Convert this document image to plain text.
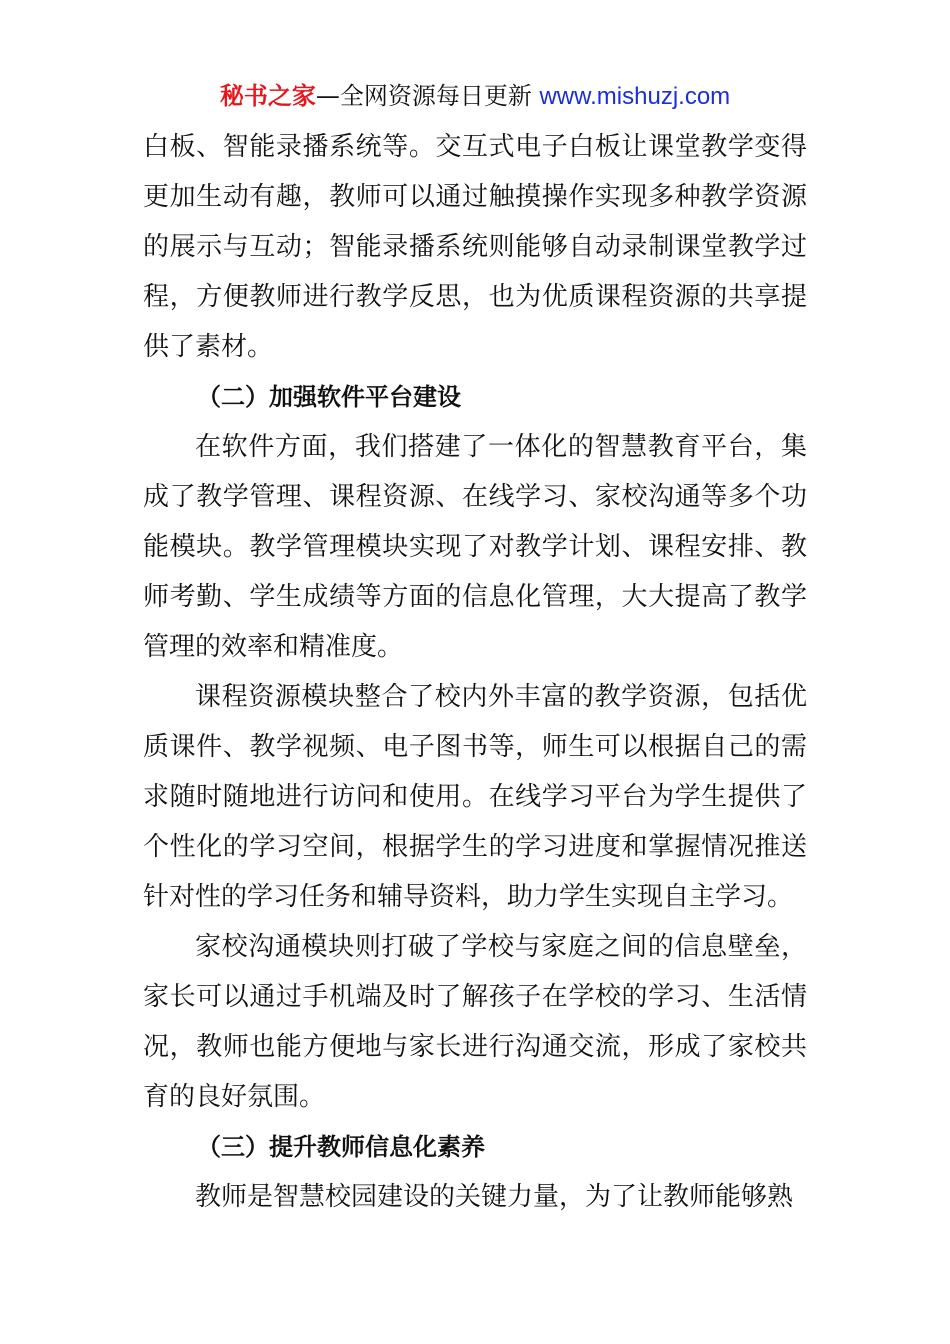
秘书之家—全网资源每日更新 www.mishuzj.com

白板、智能录播系统等。交互式电子白板让课堂教学变得更加生动有趣，教师可以通过触摸操作实现多种教学资源的展示与互动；智能录播系统则能够自动录制课堂教学过程，方便教师进行教学反思，也为优质课程资源的共享提供了素材。

（二）加强软件平台建设

在软件方面，我们搭建了一体化的智慧教育平台，集成了教学管理、课程资源、在线学习、家校沟通等多个功能模块。教学管理模块实现了对教学计划、课程安排、教师考勤、学生成绩等方面的信息化管理，大大提高了教学管理的效率和精准度。

课程资源模块整合了校内外丰富的教学资源，包括优质课件、教学视频、电子图书等，师生可以根据自己的需求随时随地进行访问和使用。在线学习平台为学生提供了个性化的学习空间，根据学生的学习进度和掌握情况推送针对性的学习任务和辅导资料，助力学生实现自主学习。

家校沟通模块则打破了学校与家庭之间的信息壁垒，家长可以通过手机端及时了解孩子在学校的学习、生活情况，教师也能方便地与家长进行沟通交流，形成了家校共育的良好氛围。

（三）提升教师信息化素养

教师是智慧校园建设的关键力量，为了让教师能够熟
